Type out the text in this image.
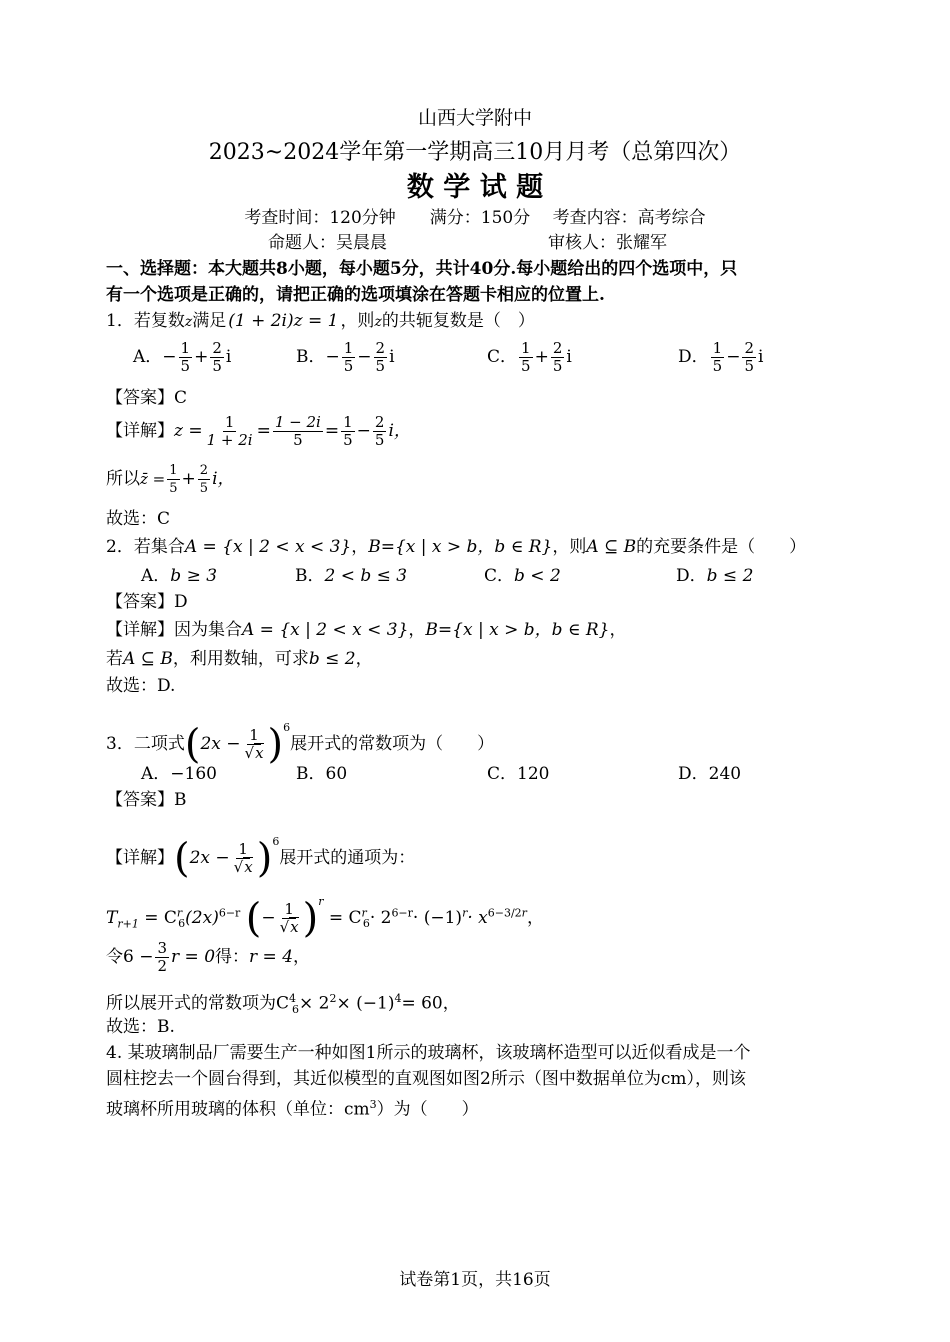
山西大学附中
2023~2024学年第一学期高三10月月考（总第四次）
数 学 试 题
考查时间：120分钟　　满分：150分　 考查内容：高考综合
命题人：吴晨晨	审核人：张耀军
一、选择题：本大题共8小题，每小题5分，共计40分.每小题给出的四个选项中，只
有一个选项是正确的，请把正确的选项填涂在答题卡相应的位置上.
1．若复数z满足 (1 + 2i)z = 1 ，则z的共轭复数是（　）
A．− $\frac{1}{5} + \frac{2}{5}$ i	B．− $\frac{1}{5} - \frac{2}{5}$ i	C． $\frac{1}{5} + \frac{2}{5}$ i	D． $\frac{1}{5} - \frac{2}{5}$ i
【答案】C
【详解】$z = \frac{1}{1 + 2i} = \frac{1 - 2i}{5} = \frac{1}{5} - \frac{2}{5}$ i，
所以z̄ = $\frac{1}{5} + \frac{2}{5}$ i，
故选：C
2．若集合A = {x | 2 < x < 3}，B={x | x > b，b ∈ R}，则A ⊆ B的充要条件是（　　）
A．b ≥ 3	B．2 < b ≤ 3	C．b < 2	D．b ≤ 2
【答案】D
【详解】因为集合A = {x | 2 < x < 3}，B={x | x > b，b ∈ R}，
若A ⊆ B，利用数轴，可求b ≤ 2，
故选：D.
3．二项式$(2x - \frac{1}{√x} )^6$展开式的常数项为（　　）
A．−160	B．60	C．120	D．240
【答案】B
【详解】$(2x - \frac{1}{√x} )^6$展开式的通项为：
$T_{r+1} = C^r_6(2x)^{6-r}$ (− $\frac{1}{√x} )^r = C^r_6\cdot 2^{6-r}\cdot (-1)^r\cdot x^{6-3/2r}$，
令$6 - \frac{3}{2}$ r = 0得：r = 4，
所以展开式的常数项为$C^4_6\times 2^2\times (-1)^4= 60$，
故选：B.
4. 某玻璃制品厂需要生产一种如图1所示的玻璃杯，该玻璃杯造型可以近似看成是一个
圆柱挖去一个圆台得到，其近似模型的直观图如图2所示（图中数据单位为cm），则该
玻璃杯所用玻璃的体积（单位：$cm^3$）为（　　）
试卷第1页，共16页
